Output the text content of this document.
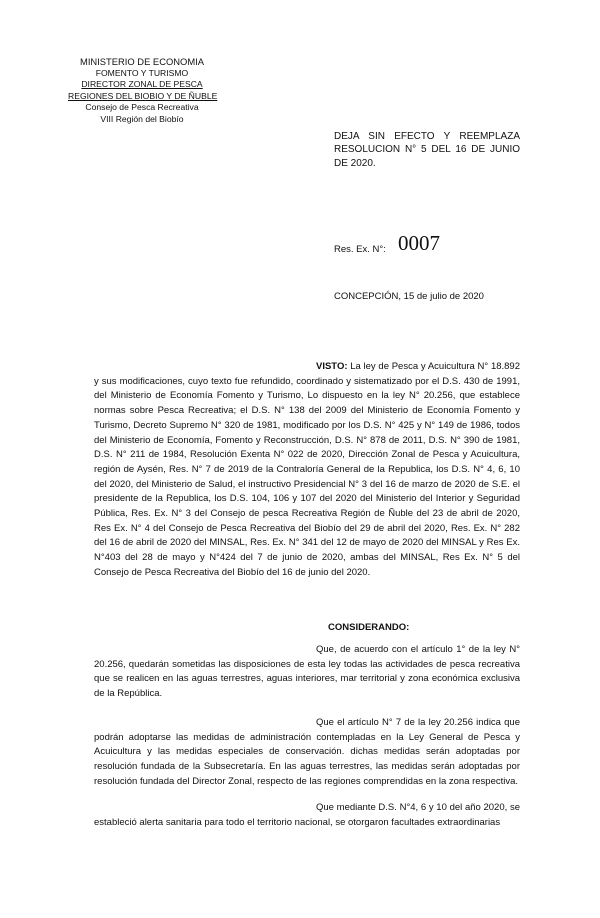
MINISTERIO DE ECONOMIA
FOMENTO Y TURISMO
DIRECTOR ZONAL DE PESCA
REGIONES DEL BIOBIO Y DE ÑUBLE
Consejo de Pesca Recreativa
VIII Región del Biobío
DEJA SIN EFECTO Y REEMPLAZA RESOLUCION N° 5 DEL 16 DE JUNIO DE 2020.
Res. Ex. N°: 0007
CONCEPCIÓN, 15 de julio de 2020

VISTO: La ley de Pesca y Acuicultura N° 18.892 y sus modificaciones, cuyo texto fue refundido, coordinado y sistematizado por el D.S. 430 de 1991, del Ministerio de Economía Fomento y Turismo, Lo dispuesto en la ley N° 20.256, que establece normas sobre Pesca Recreativa; el D.S. N° 138 del 2009 del Ministerio de Economía Fomento y Turismo, Decreto Supremo N° 320 de 1981, modificado por los D.S. N° 425 y N° 149 de 1986, todos del Ministerio de Economía, Fomento y Reconstrucción, D.S. N° 878 de 2011, D.S. N° 390 de 1981, D.S. N° 211 de 1984, Resolución Exenta N° 022 de 2020, Dirección Zonal de Pesca y Acuicultura, región de Aysén, Res. N° 7 de 2019 de la Contraloría General de la Republica, los D.S. N° 4, 6, 10 del 2020, del Ministerio de Salud, el instructivo Presidencial N° 3 del 16 de marzo de 2020 de S.E. el presidente de la Republica, los D.S. 104, 106 y 107 del 2020 del Ministerio del Interior y Seguridad Pública, Res. Ex. N° 3 del Consejo de pesca Recreativa Región de Ñuble del 23 de abril de 2020, Res Ex. N° 4 del Consejo de Pesca Recreativa del Biobío del 29 de abril del 2020, Res. Ex. N° 282 del 16 de abril de 2020 del MINSAL, Res. Ex. N° 341 del 12 de mayo de 2020 del MINSAL y Res Ex. N°403 del 28 de mayo y N°424 del 7 de junio de 2020, ambas del MINSAL, Res Ex. N° 5 del Consejo de Pesca Recreativa del Biobío del 16 de junio del 2020.

CONSIDERANDO:

Que, de acuerdo con el artículo 1° de la ley N° 20.256, quedarán sometidas las disposiciones de esta ley todas las actividades de pesca recreativa que se realicen en las aguas terrestres, aguas interiores, mar territorial y zona económica exclusiva de la República.

Que el artículo N° 7 de la ley 20.256 indica que podrán adoptarse las medidas de administración contempladas en la Ley General de Pesca y Acuicultura y las medidas especiales de conservación. dichas medidas serán adoptadas por resolución fundada de la Subsecretaría. En las aguas terrestres, las medidas serán adoptadas por resolución fundada del Director Zonal, respecto de las regiones comprendidas en la zona respectiva.

Que mediante D.S. N°4, 6 y 10 del año 2020, se estableció alerta sanitaria para todo el territorio nacional, se otorgaron facultades extraordinarias
